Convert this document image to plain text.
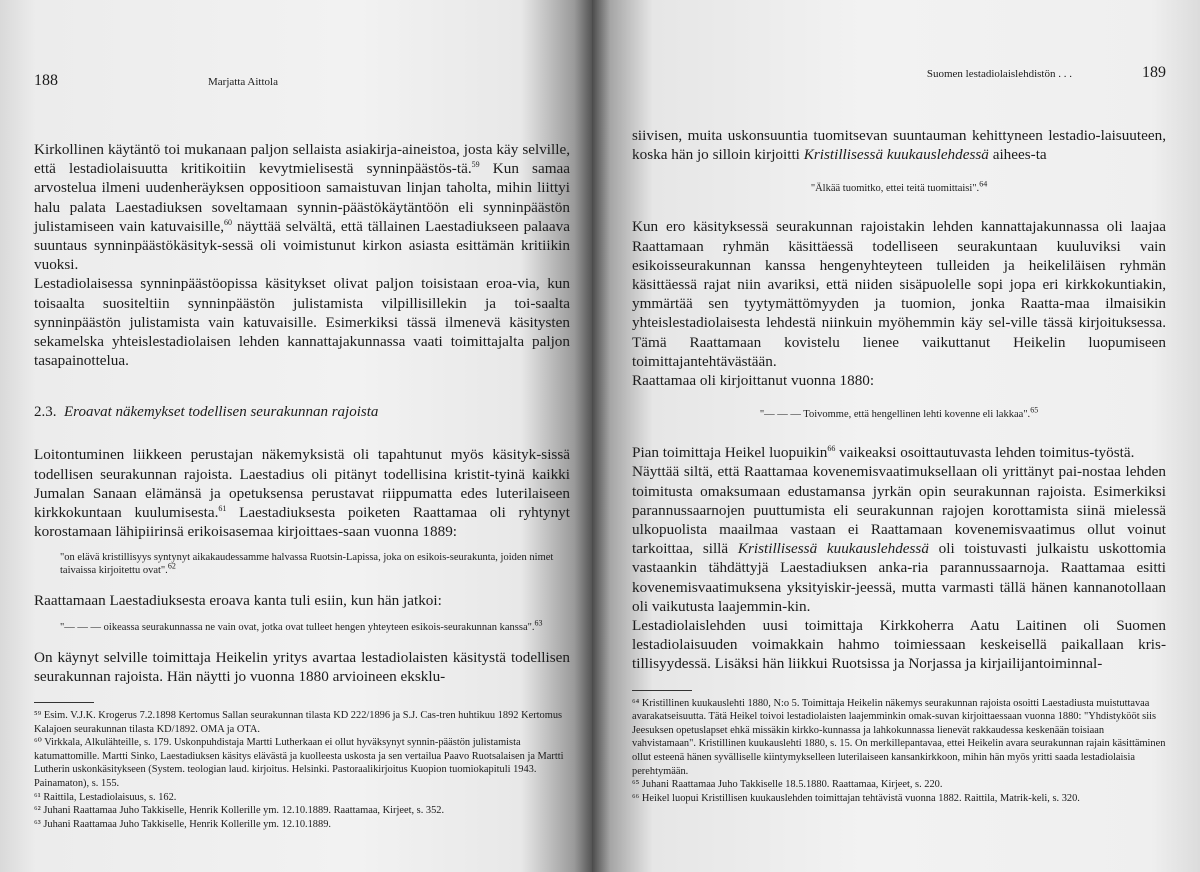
188	Marjatta Aittola

Kirkollinen käytäntö toi mukanaan paljon sellaista asiakirja-aineistoa, josta käy selville, että lestadiolaisuutta kritikoitiin kevytmielisestä synninpäästös-tä.$^{59}$ Kun samaa arvostelua ilmeni uudenheräyksen oppositioon samaistuvan linjan taholta, mihin liittyi halu palata Laestadiuksen soveltamaan synnin-päästökäytäntöön eli synninpäästön julistamiseen vain katuvaisille,$^{60}$ näyttää selvältä, että tällainen Laestadiukseen palaava suuntaus synninpäästökäsityk-sessä oli voimistunut kirkon asiasta esittämän kritiikin vuoksi.

Lestadiolaisessa synninpäästöopissa käsitykset olivat paljon toisistaan eroa-via, kun toisaalta suositeltiin synninpäästön julistamista vilpillisillekin ja toi-saalta synninpäästön julistamista vain katuvaisille. Esimerkiksi tässä ilmenevä käsitysten sekamelska yhteislestadiolaisen lehden kannattajakunnassa vaati toimittajalta paljon tasapainottelua.

2.3. Eroavat näkemykset todellisen seurakunnan rajoista

Loitontuminen liikkeen perustajan näkemyksistä oli tapahtunut myös käsityk-sissä todellisen seurakunnan rajoista. Laestadius oli pitänyt todellisina kristit-tyinä kaikki Jumalan Sanaan elämänsä ja opetuksensa perustavat riippumatta edes luterilaiseen kirkkokuntaan kuulumisesta.$^{61}$ Laestadiuksesta poiketen Raattamaa oli ryhtynyt korostamaan lähipiirinsä erikoisasemaa kirjoittaes-saan vuonna 1889:

"on elävä kristillisyys syntynyt aikakaudessamme halvassa Ruotsin-Lapissa, joka on esikois-seurakunta, joiden nimet taivaissa kirjoitettu ovat".$^{62}$

Raattamaan Laestadiuksesta eroava kanta tuli esiin, kun hän jatkoi:

"— — — oikeassa seurakunnassa ne vain ovat, jotka ovat tulleet hengen yhteyteen esikois-seurakunnan kanssa".$^{63}$

On käynyt selville toimittaja Heikelin yritys avartaa lestadiolaisten käsitystä todellisen seurakunnan rajoista. Hän näytti jo vuonna 1880 arvioineen eksklu-

⁵⁹ Esim. V.J.K. Krogerus 7.2.1898 Kertomus Sallan seurakunnan tilasta KD 222/1896 ja S.J. Cas-tren huhtikuu 1892 Kertomus Kalajoen seurakunnan tilasta KD/1892. OMA ja OTA.
⁶⁰ Virkkala, Alkulähteille, s. 179. Uskonpuhdistaja Martti Lutherkaan ei ollut hyväksynyt synnin-päästön julistamista katumattomille. Martti Sinko, Laestadiuksen käsitys elävästä ja kuolleesta uskosta ja sen vertailua Paavo Ruotsalaisen ja Martti Lutherin uskonkäsitykseen (System. teologian laud. kirjoitus. Helsinki. Pastoraalikirjoitus Kuopion tuomiokapituli 1943. Painamaton), s. 155.
⁶¹ Raittila, Lestadiolaisuus, s. 162.
⁶² Juhani Raattamaa Juho Takkiselle, Henrik Kollerille ym. 12.10.1889. Raattamaa, Kirjeet, s. 352.
⁶³ Juhani Raattamaa Juho Takkiselle, Henrik Kollerille ym. 12.10.1889.
Suomen lestadiolaislehdistön . . .	189

siivisen, muita uskonsuuntia tuomitsevan suuntauman kehittyneen lestadio-laisuuteen, koska hän jo silloin kirjoitti Kristillisessä kuukauslehdessä aihees-ta

"Älkää tuomitko, ettei teitä tuomittaisi".$^{64}$

Kun ero käsityksessä seurakunnan rajoistakin lehden kannattajakunnassa oli laajaa Raattamaan ryhmän käsittäessä todelliseen seurakuntaan kuuluviksi vain esikoisseurakunnan kanssa hengenyhteyteen tulleiden ja heikeliläisen ryhmän käsittäessä rajat niin avariksi, että niiden sisäpuolelle sopi jopa eri kirkkokuntiakin, ymmärtää sen tyytymättömyyden ja tuomion, jonka Raatta-maa ilmaisikin yhteislestadiolaisesta lehdestä niinkuin myöhemmin käy sel-ville tässä kirjoituksessa. Tämä Raattamaan kovistelu lienee vaikuttanut Heikelin luopumiseen toimittajantehtävästään.

Raattamaa oli kirjoittanut vuonna 1880:

"— — — Toivomme, että hengellinen lehti kovenne eli lakkaa".$^{65}$

Pian toimittaja Heikel luopuikin$^{66}$ vaikeaksi osoittautuvasta lehden toimitus-työstä.

Näyttää siltä, että Raattamaa kovenemisvaatimuksellaan oli yrittänyt pai-nostaa lehden toimitusta omaksumaan edustamansa jyrkän opin seurakunnan rajoista. Esimerkiksi parannussaarnojen puuttumista eli seurakunnan rajojen korottamista siinä mielessä ulkopuolista maailmaa vastaan ei Raattamaan kovenemisvaatimus ollut voinut tarkoittaa, sillä Kristillisessä kuukauslehdessä oli toistuvasti julkaistu uskottomia vastaankin tähdättyjä Laestadiuksen anka-ria parannussaarnoja. Raattamaa esitti kovenemisvaatimuksena yksityiskir-jeessä, mutta varmasti tällä hänen kannanotollaan oli vaikutusta laajemmin-kin.

Lestadiolaislehden uusi toimittaja Kirkkoherra Aatu Laitinen oli Suomen lestadiolaisuuden voimakkain hahmo toimiessaan keskeisellä paikallaan kris-tillisyydessä. Lisäksi hän liikkui Ruotsissa ja Norjassa ja kirjailijantoiminnal-

⁶⁴ Kristillinen kuukauslehti 1880, N:o 5. Toimittaja Heikelin näkemys seurakunnan rajoista osoitti Laestadiusta muistuttavaa avarakatseisuutta. Tätä Heikel toivoi lestadiolaisten laajemminkin omak-suvan kirjoittaessaan vuonna 1880: "Yhdistykööt siis Jeesuksen opetuslapset ehkä missäkin kirkko-kunnassa ja lahkokunnassa lienevät rakkaudessa keskenään toisiaan vahvistamaan". Kristillinen kuukauslehti 1880, s. 15. On merkillepantavaa, ettei Heikelin avara seurakunnan rajain käsittäminen ollut esteenä hänen syvälliselle kiintymykselleen luterilaiseen kansankirkkoon, mihin hän myös yritti saada lestadiolaisia perehtymään.
⁶⁵ Juhani Raattamaa Juho Takkiselle 18.5.1880. Raattamaa, Kirjeet, s. 220.
⁶⁶ Heikel luopui Kristillisen kuukauslehden toimittajan tehtävistä vuonna 1882. Raittila, Matrik-keli, s. 320.
